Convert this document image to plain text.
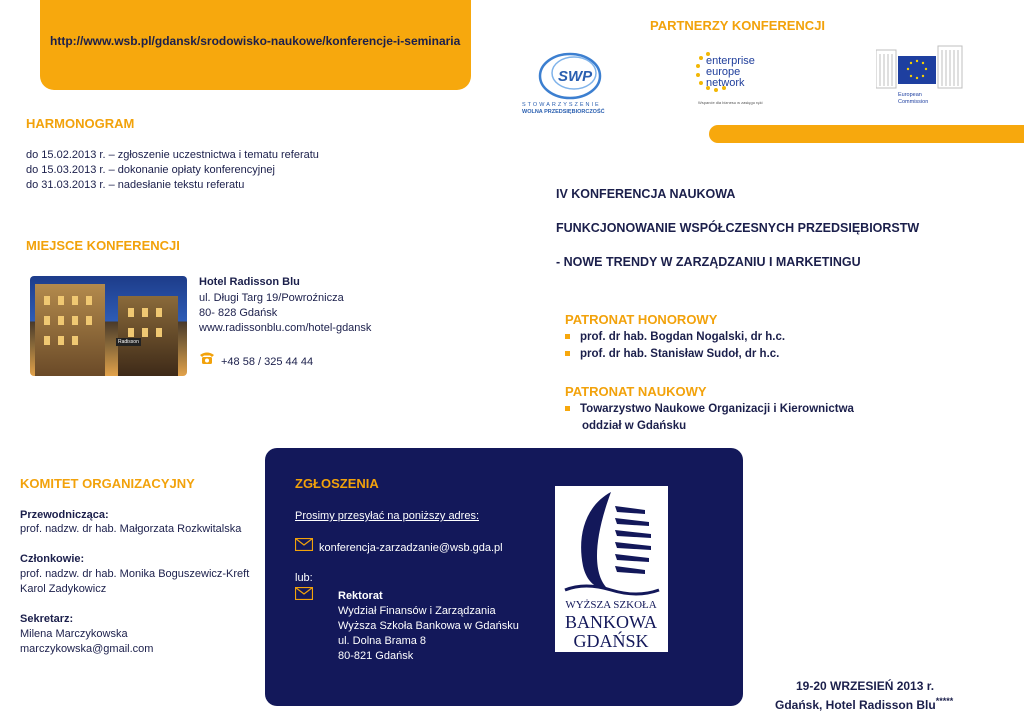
http://www.wsb.pl/gdansk/srodowisko-naukowe/konferencje-i-seminaria
PARTNERZY KONFERENCJI
SWP
STOWARZYSZENIE
WOLNA PRZEDSIĘBIORCZOŚĆ
enterprise
europe
network
Wsparcie dla biznesu w zasięgu ręki
European
Commission
HARMONOGRAM
do 15.02.2013 r. – zgłoszenie uczestnictwa i tematu referatu
do 15.03.2013 r. – dokonanie opłaty konferencyjnej
do 31.03.2013 r. – nadesłanie tekstu referatu
MIEJSCE KONFERENCJI
Radisson
Hotel Radisson Blu
ul. Długi Targ 19/Powroźnicza
80- 828 Gdańsk
www.radissonblu.com/hotel-gdansk
+48 58 / 325 44 44
IV KONFERENCJA NAUKOWA
FUNKCJONOWANIE WSPÓŁCZESNYCH PRZEDSIĘBIORSTW
- NOWE TRENDY W ZARZĄDZANIU I MARKETINGU
PATRONAT HONOROWY
prof. dr hab. Bogdan Nogalski, dr h.c.
prof. dr hab. Stanisław Sudoł, dr h.c.
PATRONAT NAUKOWY
Towarzystwo Naukowe Organizacji i Kierownictwa
oddział w Gdańsku
KOMITET ORGANIZACYJNY
Przewodnicząca:
prof. nadzw. dr hab. Małgorzata Rozkwitalska
Członkowie:
prof. nadzw. dr hab. Monika Boguszewicz-Kreft
Karol Zadykowicz
Sekretarz:
Milena Marczykowska
marczykowska@gmail.com
ZGŁOSZENIA
Prosimy przesyłać na poniższy adres:
konferencja-zarzadzanie@wsb.gda.pl
lub:
Rektorat
Wydział Finansów i Zarządzania
Wyższa Szkoła Bankowa w Gdańsku
ul. Dolna Brama 8
80-821 Gdańsk
WYŻSZA SZKOŁA
BANKOWA
GDAŃSK
19-20 WRZESIEŃ 2013 r.
Gdańsk, Hotel Radisson Blu*****
